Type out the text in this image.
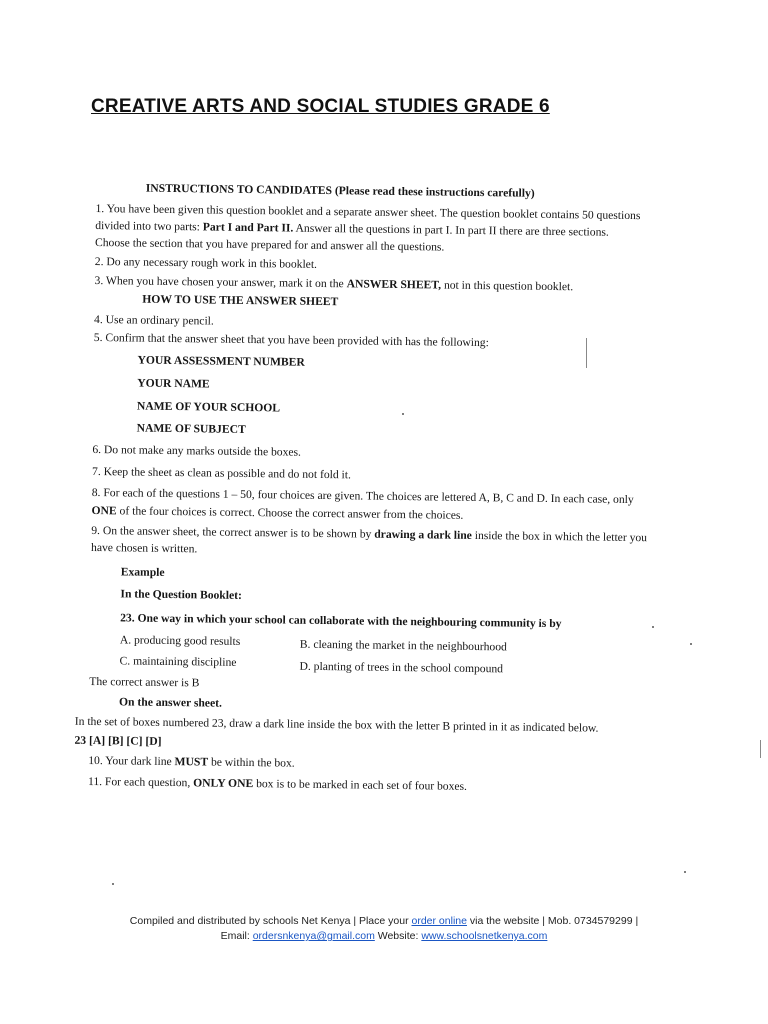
CREATIVE ARTS AND SOCIAL STUDIES GRADE 6
INSTRUCTIONS TO CANDIDATES (Please read these instructions carefully)
1. You have been given this question booklet and a separate answer sheet. The question booklet contains 50 questions
divided into two parts: Part I and Part II. Answer all the questions in part I. In part II there are three sections.
Choose the section that you have prepared for and answer all the questions.
2. Do any necessary rough work in this booklet.
3. When you have chosen your answer, mark it on the ANSWER SHEET, not in this question booklet.
HOW TO USE THE ANSWER SHEET
4. Use an ordinary pencil.
5. Confirm that the answer sheet that you have been provided with has the following:
YOUR ASSESSMENT NUMBER
YOUR NAME
NAME OF YOUR SCHOOL
NAME OF SUBJECT
6. Do not make any marks outside the boxes.
7. Keep the sheet as clean as possible and do not fold it.
8. For each of the questions 1 – 50, four choices are given. The choices are lettered A, B, C and D. In each case, only
ONE of the four choices is correct. Choose the correct answer from the choices.
9. On the answer sheet, the correct answer is to be shown by drawing a dark line inside the box in which the letter you
have chosen is written.
Example
In the Question Booklet:
23. One way in which your school can collaborate with the neighbouring community is by
A. producing good results	B. cleaning the market in the neighbourhood
C. maintaining discipline	D. planting of trees in the school compound
The correct answer is B
On the answer sheet.
In the set of boxes numbered 23, draw a dark line inside the box with the letter B printed in it as indicated below.
23 [A] [B] [C] [D]
10. Your dark line MUST be within the box.
11. For each question, ONLY ONE box is to be marked in each set of four boxes.
Compiled and distributed by schools Net Kenya | Place your order online via the website | Mob. 0734579299 |
Email: ordersnkenya@gmail.com Website: www.schoolsnetkenya.com
